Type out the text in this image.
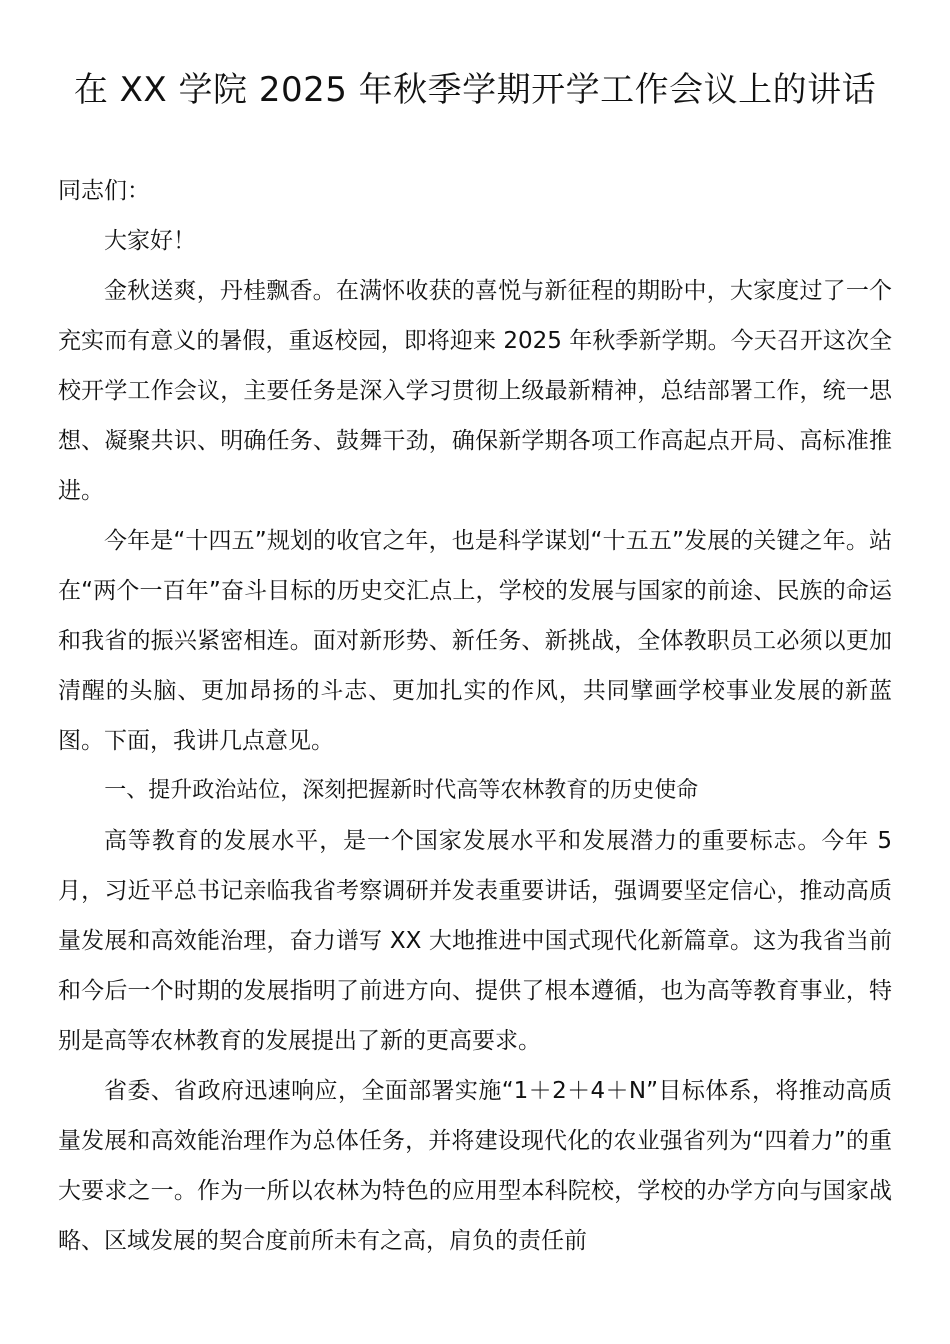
在 XX 学院 2025 年秋季学期开学工作会议上的讲话

同志们：

大家好！

金秋送爽，丹桂飘香。在满怀收获的喜悦与新征程的期盼中，大家度过了一个充实而有意义的暑假，重返校园，即将迎来 2025 年秋季新学期。今天召开这次全校开学工作会议，主要任务是深入学习贯彻上级最新精神，总结部署工作，统一思想、凝聚共识、明确任务、鼓舞干劲，确保新学期各项工作高起点开局、高标准推进。

今年是“十四五”规划的收官之年，也是科学谋划“十五五”发展的关键之年。站在“两个一百年”奋斗目标的历史交汇点上，学校的发展与国家的前途、民族的命运和我省的振兴紧密相连。面对新形势、新任务、新挑战，全体教职员工必须以更加清醒的头脑、更加昂扬的斗志、更加扎实的作风，共同擘画学校事业发展的新蓝图。下面，我讲几点意见。

一、提升政治站位，深刻把握新时代高等农林教育的历史使命

高等教育的发展水平，是一个国家发展水平和发展潜力的重要标志。今年 5 月，习近平总书记亲临我省考察调研并发表重要讲话，强调要坚定信心，推动高质量发展和高效能治理，奋力谱写 XX 大地推进中国式现代化新篇章。这为我省当前和今后一个时期的发展指明了前进方向、提供了根本遵循，也为高等教育事业，特别是高等农林教育的发展提出了新的更高要求。

省委、省政府迅速响应，全面部署实施“1＋2＋4＋N”目标体系，将推动高质量发展和高效能治理作为总体任务，并将建设现代化的农业强省列为“四着力”的重大要求之一。作为一所以农林为特色的应用型本科院校，学校的办学方向与国家战略、区域发展的契合度前所未有之高，肩负的责任前
